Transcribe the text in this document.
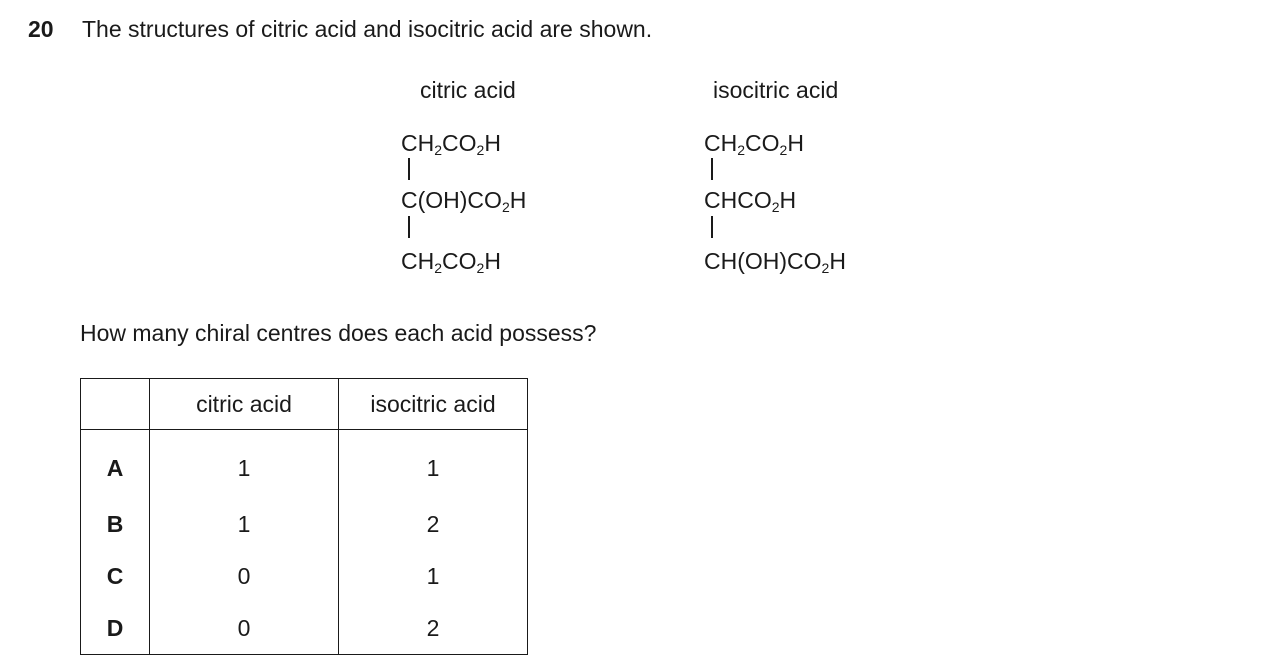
20 The structures of citric acid and isocitric acid are shown.
citric acid
$CH_2CO_2H$
$C(OH)CO_2H$
$CH_2CO_2H$
isocitric acid
$CH_2CO_2H$
$CHCO_2H$
$CH(OH)CO_2H$
How many chiral centres does each acid possess?
	citric acid	isocitric acid
A	1	1
B	1	2
C	0	1
D	0	2
